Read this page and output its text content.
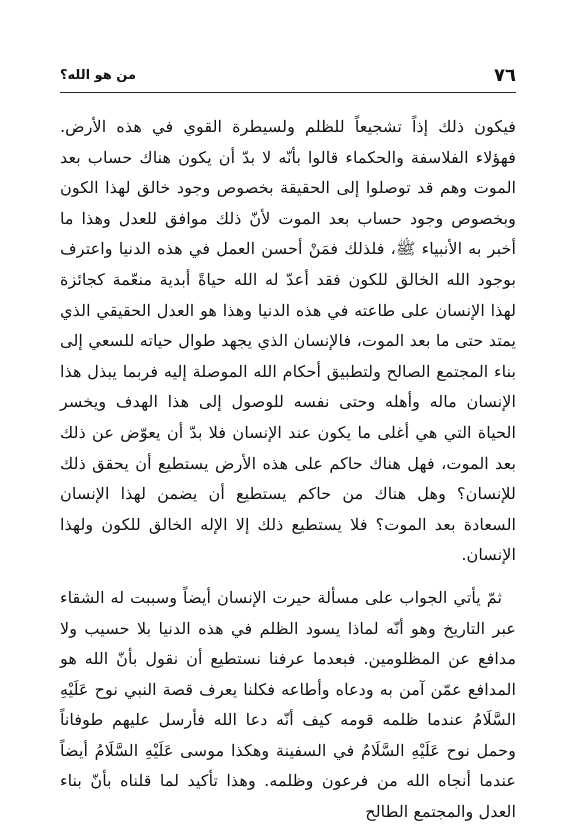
٧٦
من هو الله؟

فيكون ذلك إذاً تشجيعاً للظلم ولسيطرة القوي في هذه الأرض. فهؤلاء الفلاسفة والحكماء قالوا بأنّه لا بدّ أن يكون هناك حساب بعد الموت وهم قد توصلوا إلى الحقيقة بخصوص وجود خالق لهذا الكون وبخصوص وجود حساب بعد الموت لأنّ ذلك موافق للعدل وهذا ما أخبر به الأنبياء ﷺ، فلذلك فمَنْ أحسن العمل في هذه الدنيا واعترف بوجود الله الخالق للكون فقد أعدّ له الله حياةً أبدية منعّمة كجائزة لهذا الإنسان على طاعته في هذه الدنيا وهذا هو العدل الحقيقي الذي يمتد حتى ما بعد الموت، فالإنسان الذي يجهد طوال حياته للسعي إلى بناء المجتمع الصالح ولتطبيق أحكام الله الموصلة إليه فربما يبذل هذا الإنسان ماله وأهله وحتى نفسه للوصول إلى هذا الهدف ويخسر الحياة التي هي أغلى ما يكون عند الإنسان فلا بدّ أن يعوّض عن ذلك بعد الموت، فهل هناك حاكم على هذه الأرض يستطيع أن يحقق ذلك للإنسان؟ وهل هناك من حاكم يستطيع أن يضمن لهذا الإنسان السعادة بعد الموت؟ فلا يستطيع ذلك إلا الإله الخالق للكون ولهذا الإنسان.

ثمّ يأتي الجواب على مسألة حيرت الإنسان أيضاً وسببت له الشقاء عبر التاريخ وهو أنّه لماذا يسود الظلم في هذه الدنيا بلا حسيب ولا مدافع عن المظلومين. فبعدما عرفنا نستطيع أن نقول بأنّ الله هو المدافع عمّن آمن به ودعاه وأطاعه فكلنا يعرف قصة النبي نوح عَلَيْهِ السَّلَامُ عندما ظلمه قومه كيف أنّه دعا الله فأرسل عليهم طوفاناً وحمل نوح عَلَيْهِ السَّلَامُ في السفينة وهكذا موسى عَلَيْهِ السَّلَامُ أيضاً عندما أنجاه الله من فرعون وظلمه. وهذا تأكيد لما قلناه بأنّ بناء العدل والمجتمع الطالح
